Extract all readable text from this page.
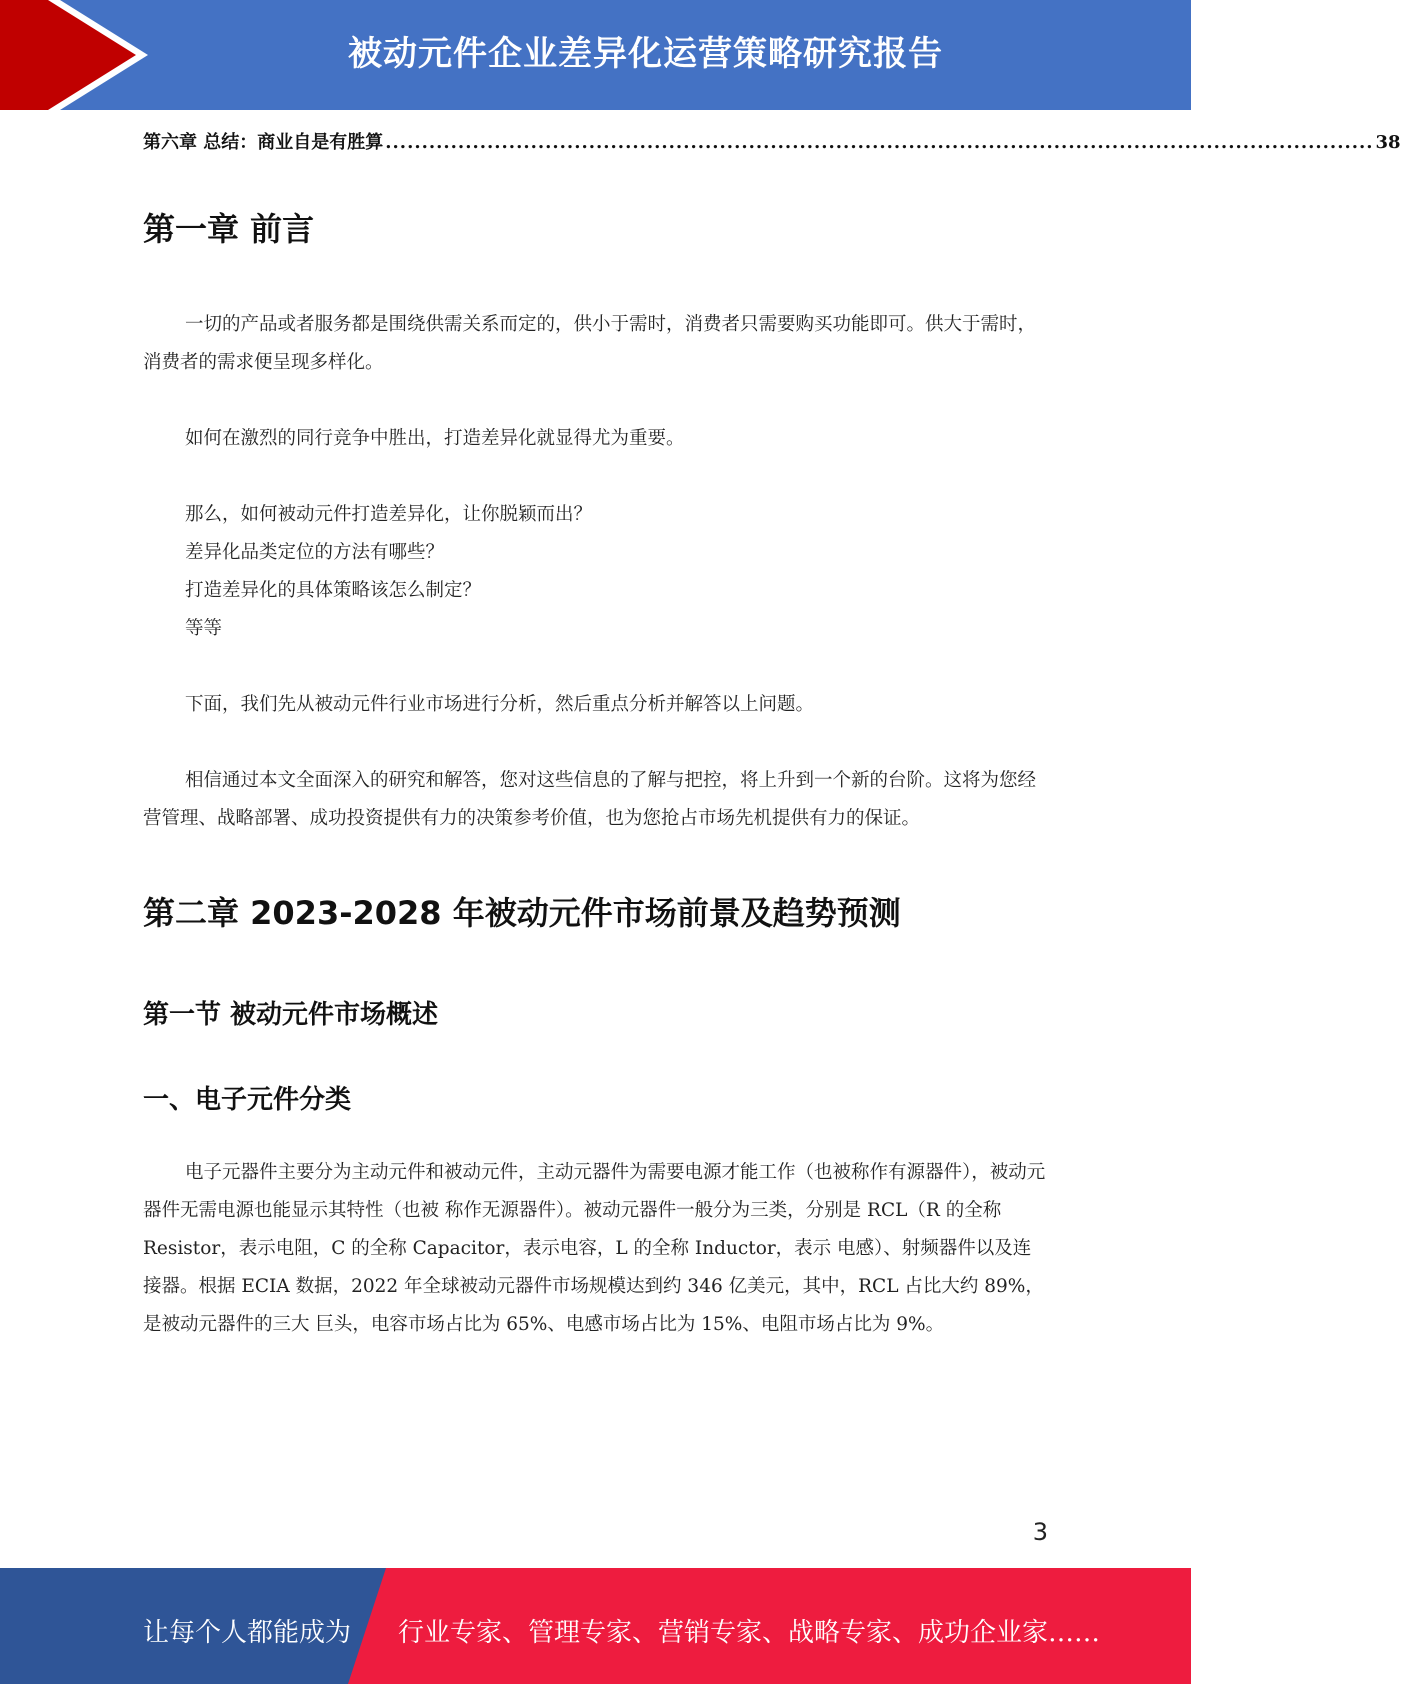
被动元件企业差异化运营策略研究报告
第六章 总结：商业自是有胜算 ........................................................................................................................................ 38
第一章 前言

一切的产品或者服务都是围绕供需关系而定的，供小于需时，消费者只需要购买功能即可。供大于需时，消费者的需求便呈现多样化。

如何在激烈的同行竞争中胜出，打造差异化就显得尤为重要。

那么，如何被动元件打造差异化，让你脱颖而出？

差异化品类定位的方法有哪些？

打造差异化的具体策略该怎么制定？

等等

下面，我们先从被动元件行业市场进行分析，然后重点分析并解答以上问题。

相信通过本文全面深入的研究和解答，您对这些信息的了解与把控，将上升到一个新的台阶。这将为您经营管理、战略部署、成功投资提供有力的决策参考价值，也为您抢占市场先机提供有力的保证。

第二章 2023-2028 年被动元件市场前景及趋势预测
第一节 被动元件市场概述
一、电子元件分类

电子元器件主要分为主动元件和被动元件，主动元器件为需要电源才能工作（也被称作有源器件），被动元器件无需电源也能显示其特性（也被 称作无源器件）。被动元器件一般分为三类，分别是 RCL（R 的全称 Resistor，表示电阻，C 的全称 Capacitor，表示电容，L 的全称 Inductor，表示 电感）、射频器件以及连接器。根据 ECIA 数据，2022 年全球被动元器件市场规模达到约 346 亿美元，其中，RCL 占比大约 89%，是被动元器件的三大 巨头，电容市场占比为 65%、电感市场占比为 15%、电阻市场占比为 9%。

3
让每个人都能成为 行业专家、管理专家、营销专家、战略专家、成功企业家……
